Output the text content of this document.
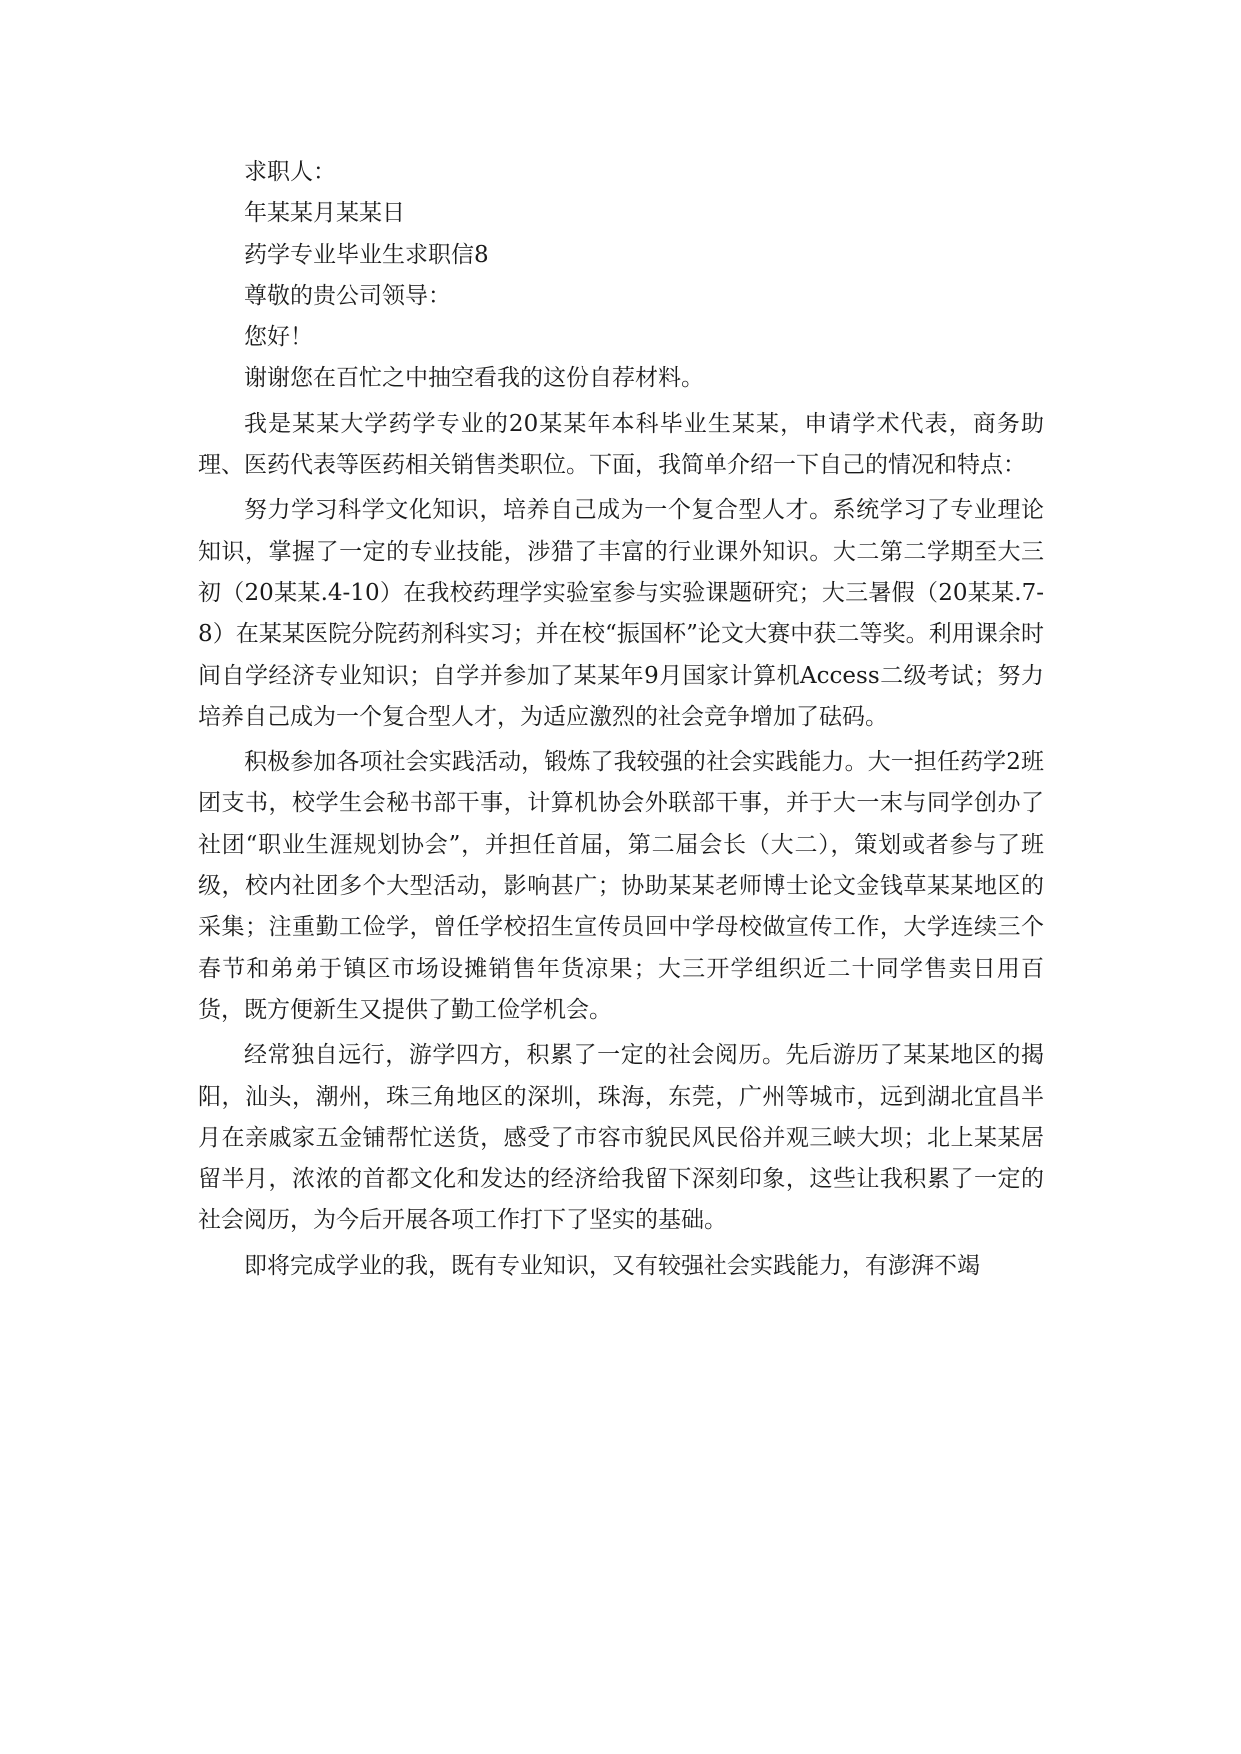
求职人：

年某某月某某日

药学专业毕业生求职信8

尊敬的贵公司领导：

您好！

谢谢您在百忙之中抽空看我的这份自荐材料。

我是某某大学药学专业的20某某年本科毕业生某某，申请学术代表，商务助理、医药代表等医药相关销售类职位。下面，我简单介绍一下自己的情况和特点：

努力学习科学文化知识，培养自己成为一个复合型人才。系统学习了专业理论知识，掌握了一定的专业技能，涉猎了丰富的行业课外知识。大二第二学期至大三初（20某某.4-10）在我校药理学实验室参与实验课题研究；大三暑假（20某某.7-8）在某某医院分院药剂科实习；并在校“振国杯”论文大赛中获二等奖。利用课余时间自学经济专业知识；自学并参加了某某年9月国家计算机Access二级考试；努力培养自己成为一个复合型人才，为适应激烈的社会竞争增加了砝码。

积极参加各项社会实践活动，锻炼了我较强的社会实践能力。大一担任药学2班团支书，校学生会秘书部干事，计算机协会外联部干事，并于大一末与同学创办了社团“职业生涯规划协会”，并担任首届，第二届会长（大二），策划或者参与了班级，校内社团多个大型活动，影响甚广；协助某某老师博士论文金钱草某某地区的采集；注重勤工俭学，曾任学校招生宣传员回中学母校做宣传工作，大学连续三个春节和弟弟于镇区市场设摊销售年货凉果；大三开学组织近二十同学售卖日用百货，既方便新生又提供了勤工俭学机会。

经常独自远行，游学四方，积累了一定的社会阅历。先后游历了某某地区的揭阳，汕头，潮州，珠三角地区的深圳，珠海，东莞，广州等城市，远到湖北宜昌半月在亲戚家五金铺帮忙送货，感受了市容市貌民风民俗并观三峡大坝；北上某某居留半月，浓浓的首都文化和发达的经济给我留下深刻印象，这些让我积累了一定的社会阅历，为今后开展各项工作打下了坚实的基础。

即将完成学业的我，既有专业知识，又有较强社会实践能力，有澎湃不竭
